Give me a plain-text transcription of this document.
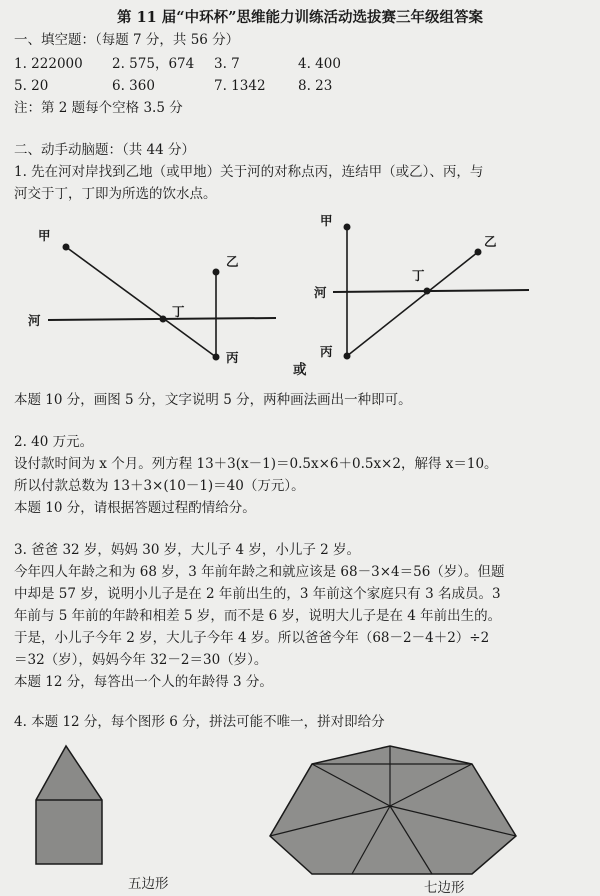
第 11 届“中环杯”思维能力训练活动选拔赛三年级组答案
一、填空题：（每题 7 分，共 56 分）
1. 222000 2. 575，674 3. 7	4. 400
5. 20	6. 360	7. 1342 8. 23
注：第 2 题每个空格 3.5 分
二、动手动脑题：（共 44 分）
1. 先在河对岸找到乙地（或甲地）关于河的对称点丙，连结甲（或乙）、丙，与
河交于丁，丁即为所选的饮水点。
甲
乙
河
丁
丙
或
甲
乙
河
丁
丙
本题 10 分，画图 5 分，文字说明 5 分，两种画法画出一种即可。
2. 40 万元。
设付款时间为 x 个月。列方程 13＋3(x－1)＝0.5x×6＋0.5x×2，解得 x＝10。
所以付款总数为 13＋3×(10－1)＝40（万元）。
本题 10 分，请根据答题过程酌情给分。
3. 爸爸 32 岁，妈妈 30 岁，大儿子 4 岁，小儿子 2 岁。
今年四人年龄之和为 68 岁，3 年前年龄之和就应该是 68－3×4＝56（岁）。但题
中却是 57 岁，说明小儿子是在 2 年前出生的，3 年前这个家庭只有 3 名成员。3
年前与 5 年前的年龄和相差 5 岁，而不是 6 岁，说明大儿子是在 4 年前出生的。
于是，小儿子今年 2 岁，大儿子今年 4 岁。所以爸爸今年（68－2－4＋2）÷2
＝32（岁），妈妈今年 32－2＝30（岁）。
本题 12 分，每答出一个人的年龄得 3 分。
4. 本题 12 分，每个图形 6 分，拼法可能不唯一，拼对即给分
五边形	七边形
